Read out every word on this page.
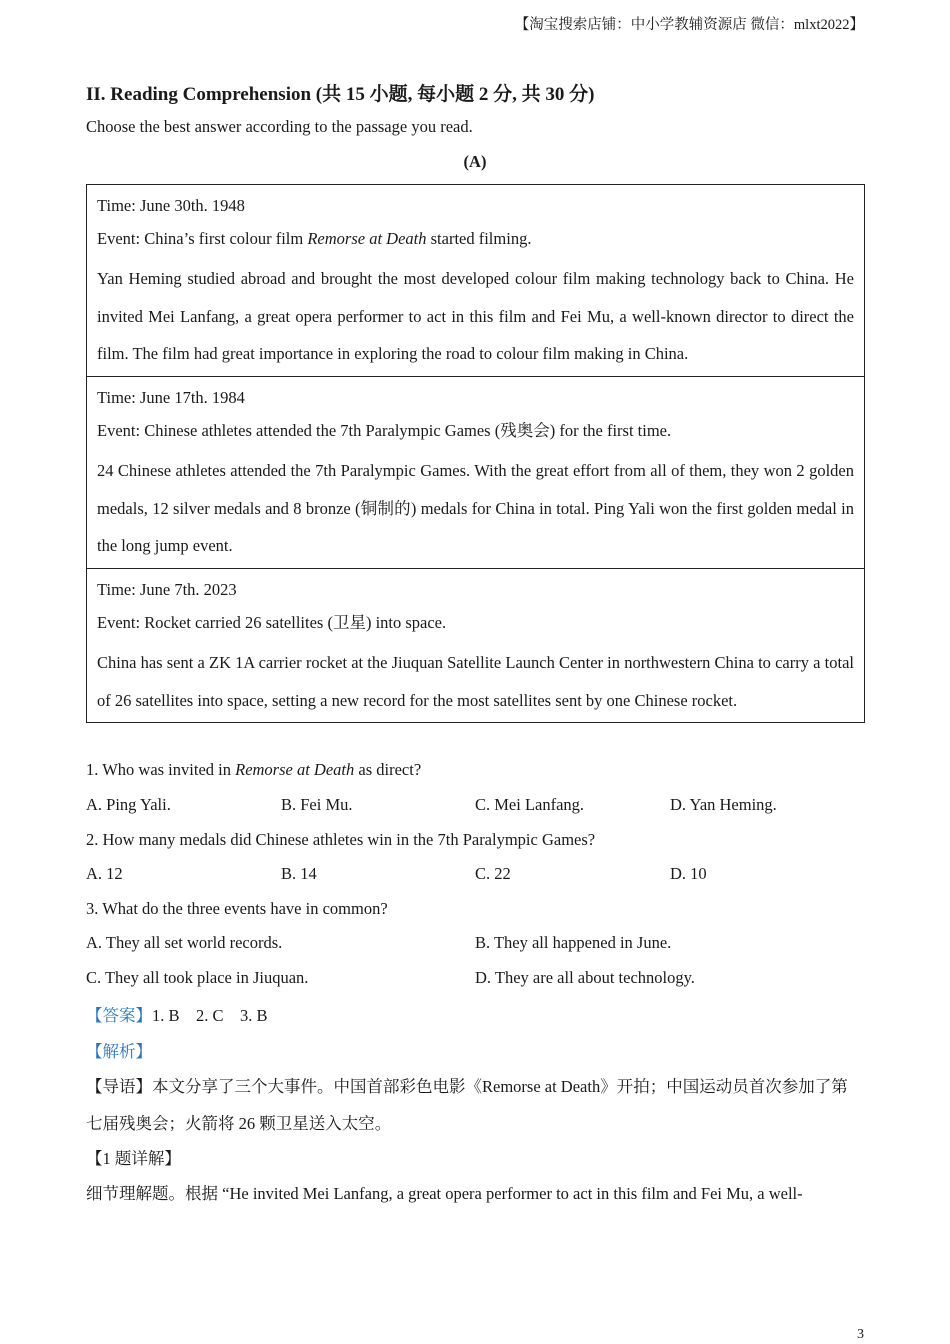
【淘宝搜索店铺：中小学教辅资源店 微信：mlxt2022】
II. Reading Comprehension (共 15 小题, 每小题 2 分, 共 30 分)
Choose the best answer according to the passage you read.
(A)
Time: June 30th. 1948
Event: China’s first colour film Remorse at Death started filming.
Yan Heming studied abroad and brought the most developed colour film making technology back to China. He invited Mei Lanfang, a great opera performer to act in this film and Fei Mu, a well-known director to direct the film. The film had great importance in exploring the road to colour film making in China.
Time: June 17th. 1984
Event: Chinese athletes attended the 7th Paralympic Games (残奥会) for the first time.
24 Chinese athletes attended the 7th Paralympic Games. With the great effort from all of them, they won 2 golden medals, 12 silver medals and 8 bronze (铜制的) medals for China in total. Ping Yali won the first golden medal in the long jump event.
Time: June 7th. 2023
Event: Rocket carried 26 satellites (卫星) into space.
China has sent a ZK 1A carrier rocket at the Jiuquan Satellite Launch Center in northwestern China to carry a total of 26 satellites into space, setting a new record for the most satellites sent by one Chinese rocket.
1. Who was invited in Remorse at Death as direct?
A. Ping Yali.	B. Fei Mu.	C. Mei Lanfang.	D. Yan Heming.
2. How many medals did Chinese athletes win in the 7th Paralympic Games?
A. 12	B. 14	C. 22	D. 10
3. What do the three events have in common?
A. They all set world records.	B. They all happened in June.
C. They all took place in Jiuquan.	D. They are all about technology.
【答案】1. B    2. C    3. B
【解析】
【导语】本文分享了三个大事件。中国首部彩色电影《Remorse at Death》开拍；中国运动员首次参加了第
七届残奥会；火箭将 26 颗卫星送入太空。
【1 题详解】
细节理解题。根据 “He invited Mei Lanfang, a great opera performer to act in this film and Fei Mu, a well-
3
